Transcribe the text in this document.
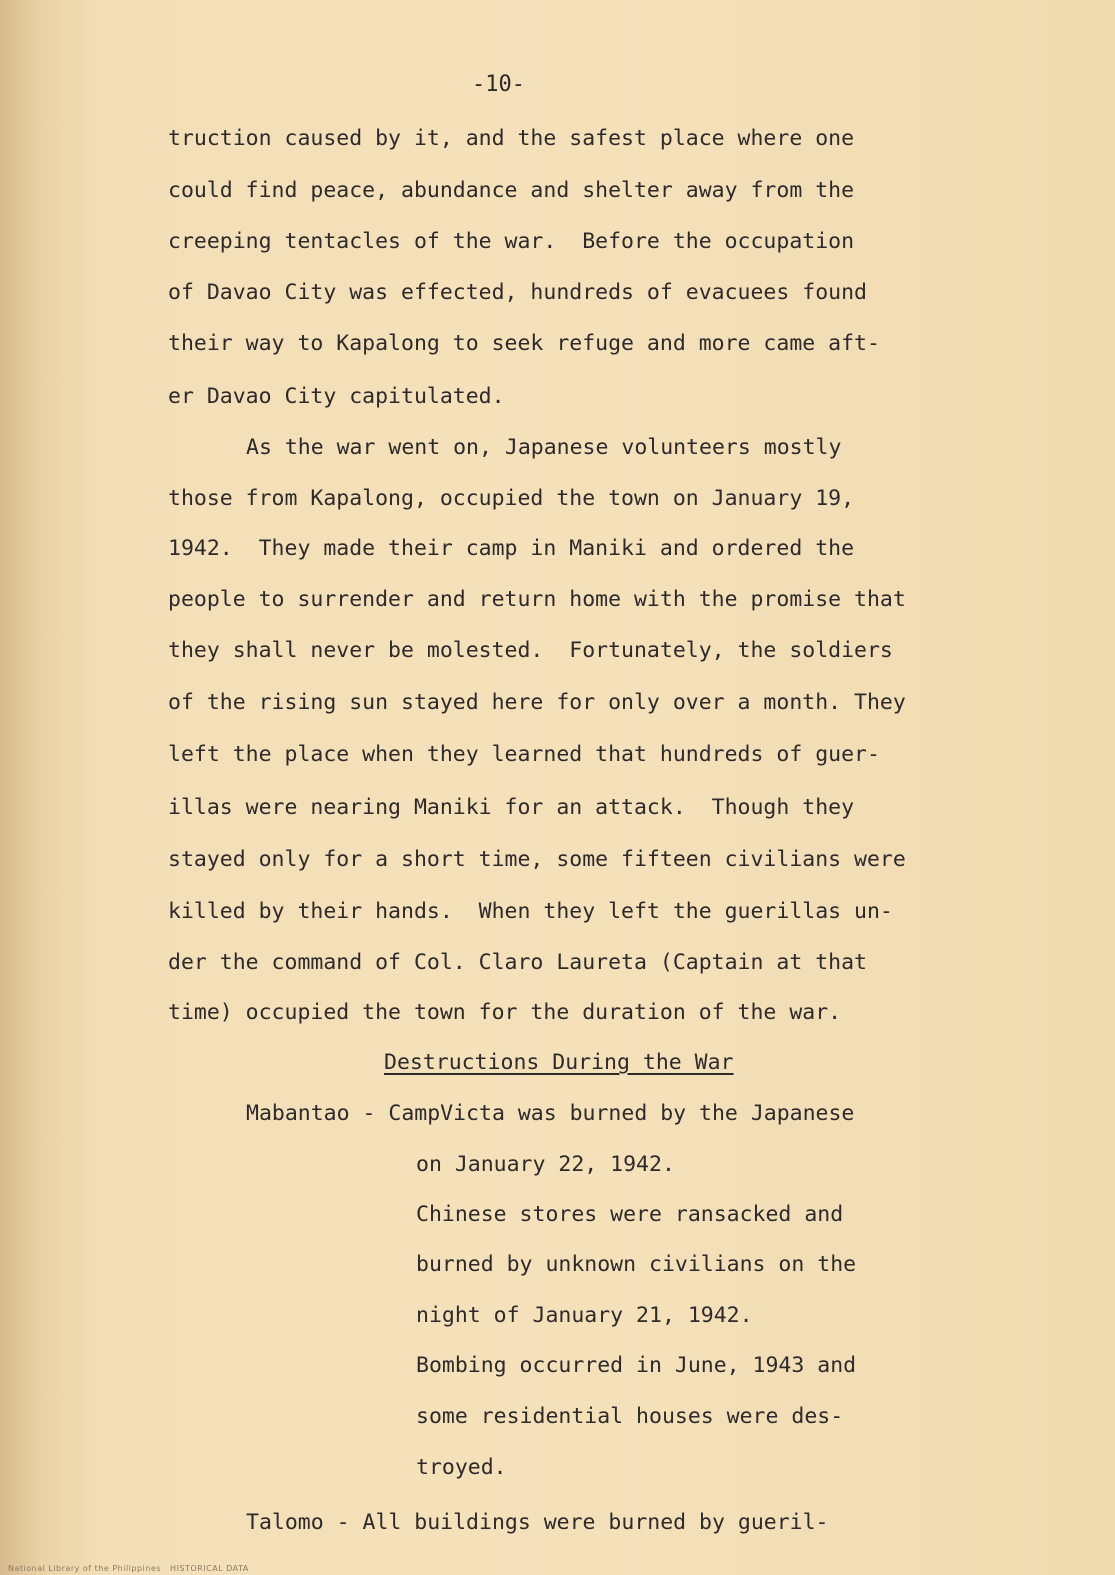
-10-
truction caused by it, and the safest place where one
could find peace, abundance and shelter away from the
creeping tentacles of the war.  Before the occupation
of Davao City was effected, hundreds of evacuees found
their way to Kapalong to seek refuge and more came aft-
er Davao City capitulated.
As the war went on, Japanese volunteers mostly
those from Kapalong, occupied the town on January 19,
1942.  They made their camp in Maniki and ordered the
people to surrender and return home with the promise that
they shall never be molested.  Fortunately, the soldiers
of the rising sun stayed here for only over a month. They
left the place when they learned that hundreds of guer-
illas were nearing Maniki for an attack.  Though they
stayed only for a short time, some fifteen civilians were
killed by their hands.  When they left the guerillas un-
der the command of Col. Claro Laureta (Captain at that
time) occupied the town for the duration of the war.
Destructions During the War
Mabantao - CampVicta was burned by the Japanese
on January 22, 1942.
Chinese stores were ransacked and
burned by unknown civilians on the
night of January 21, 1942.
Bombing occurred in June, 1943 and
some residential houses were des-
troyed.
Talomo - All buildings were burned by gueril-
National Library of the Philippines   HISTORICAL DATA
